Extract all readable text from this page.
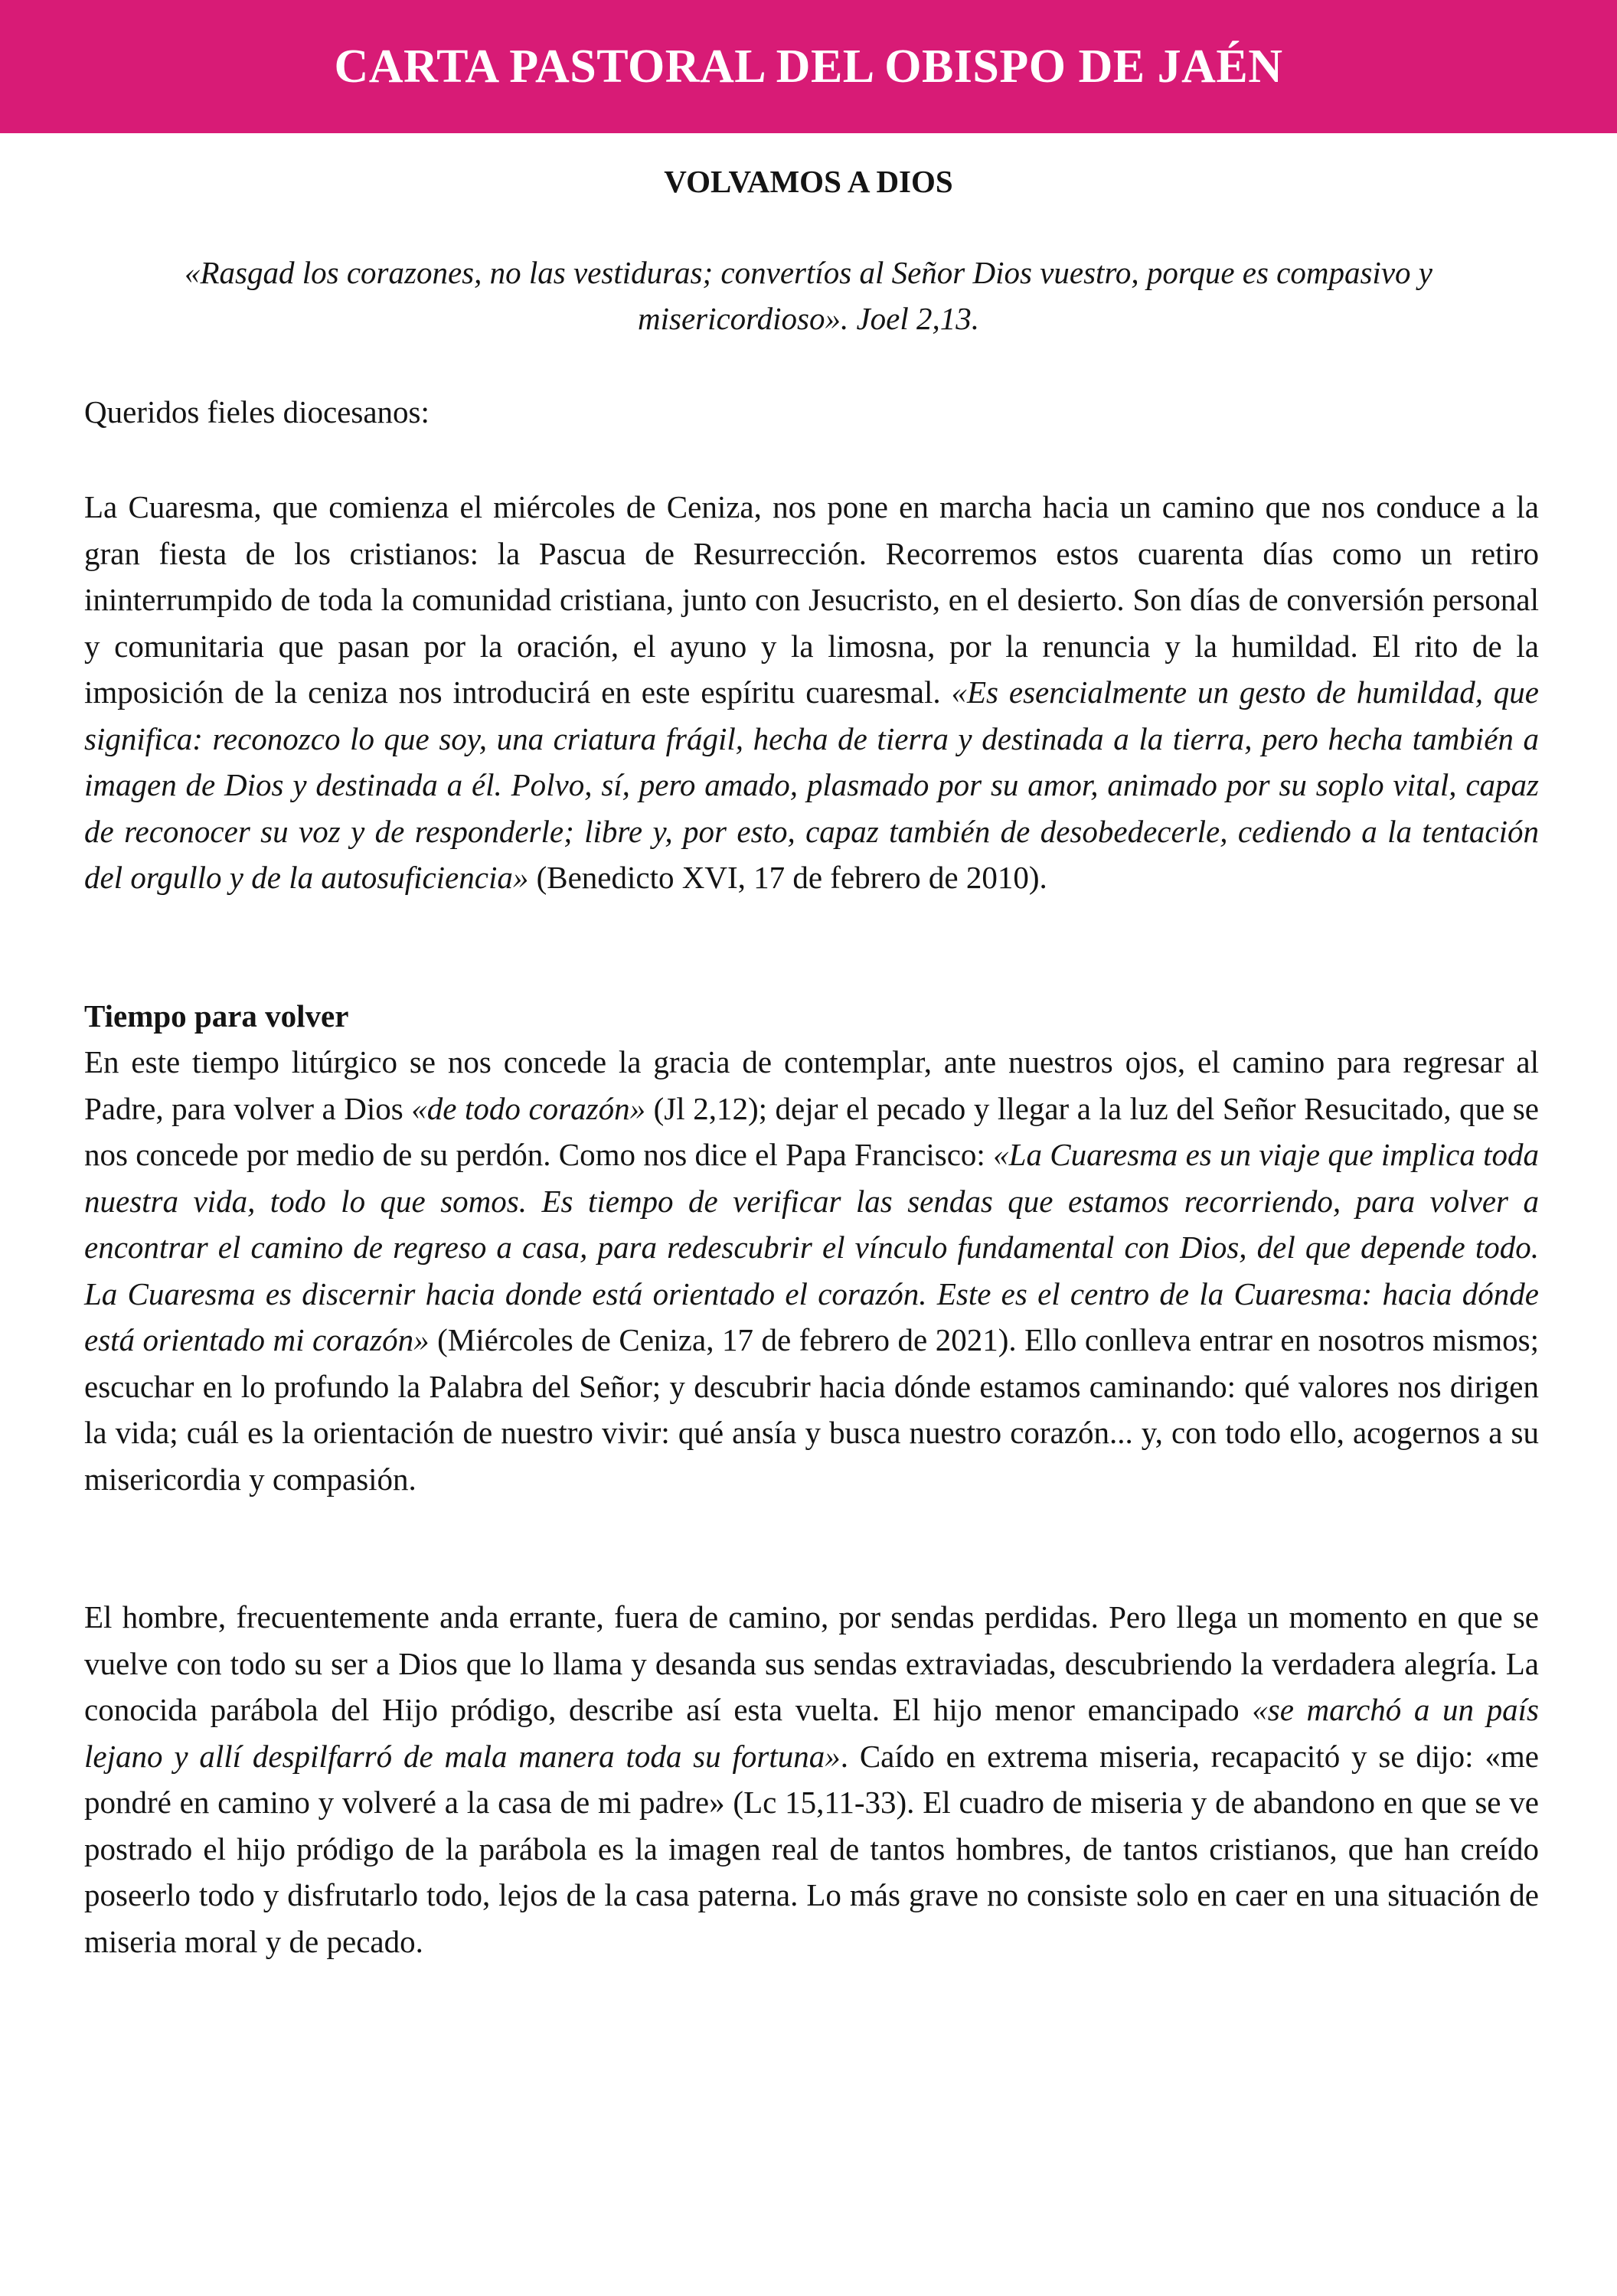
CARTA PASTORAL DEL OBISPO DE JAÉN
VOLVAMOS A DIOS

«Rasgad los corazones, no las vestiduras; convertíos al Señor Dios vuestro, porque es compasivo y misericordioso». Joel 2,13.

Queridos fieles diocesanos:

La Cuaresma, que comienza el miércoles de Ceniza, nos pone en marcha hacia un camino que nos conduce a la gran fiesta de los cristianos: la Pascua de Resurrección. Recorremos estos cuarenta días como un retiro ininterrumpido de toda la comunidad cristiana, junto con Jesucristo, en el desierto. Son días de conversión personal y comunitaria que pasan por la oración, el ayuno y la limosna, por la renuncia y la humildad. El rito de la imposición de la ceniza nos introducirá en este espíritu cuaresmal. «Es esencialmente un gesto de humildad, que significa: reconozco lo que soy, una criatura frágil, hecha de tierra y destinada a la tierra, pero hecha también a imagen de Dios y destinada a él. Polvo, sí, pero amado, plasmado por su amor, animado por su soplo vital, capaz de reconocer su voz y de responderle; libre y, por esto, capaz también de desobedecerle, cediendo a la tentación del orgullo y de la autosuficiencia» (Benedicto XVI, 17 de febrero de 2010).

Tiempo para volver

En este tiempo litúrgico se nos concede la gracia de contemplar, ante nuestros ojos, el camino para regresar al Padre, para volver a Dios «de todo corazón» (Jl 2,12); dejar el pecado y llegar a la luz del Señor Resucitado, que se nos concede por medio de su perdón. Como nos dice el Papa Francisco: «La Cuaresma es un viaje que implica toda nuestra vida, todo lo que somos. Es tiempo de verificar las sendas que estamos recorriendo, para volver a encontrar el camino de regreso a casa, para redescubrir el vínculo fundamental con Dios, del que depende todo. La Cuaresma es discernir hacia donde está orientado el corazón. Este es el centro de la Cuaresma: hacia dónde está orientado mi corazón» (Miércoles de Ceniza, 17 de febrero de 2021). Ello conlleva entrar en nosotros mismos; escuchar en lo profundo la Palabra del Señor; y descubrir hacia dónde estamos caminando: qué valores nos dirigen la vida; cuál es la orientación de nuestro vivir: qué ansía y busca nuestro corazón... y, con todo ello, acogernos a su misericordia y compasión.

El hombre, frecuentemente anda errante, fuera de camino, por sendas perdidas. Pero llega un momento en que se vuelve con todo su ser a Dios que lo llama y desanda sus sendas extraviadas, descubriendo la verdadera alegría. La conocida parábola del Hijo pródigo, describe así esta vuelta. El hijo menor emancipado «se marchó a un país lejano y allí despilfarró de mala manera toda su fortuna». Caído en extrema miseria, recapacitó y se dijo: «me pondré en camino y volveré a la casa de mi padre» (Lc 15,11-33). El cuadro de miseria y de abandono en que se ve postrado el hijo pródigo de la parábola es la imagen real de tantos hombres, de tantos cristianos, que han creído poseerlo todo y disfrutarlo todo, lejos de la casa paterna. Lo más grave no consiste solo en caer en una situación de miseria moral y de pecado.
